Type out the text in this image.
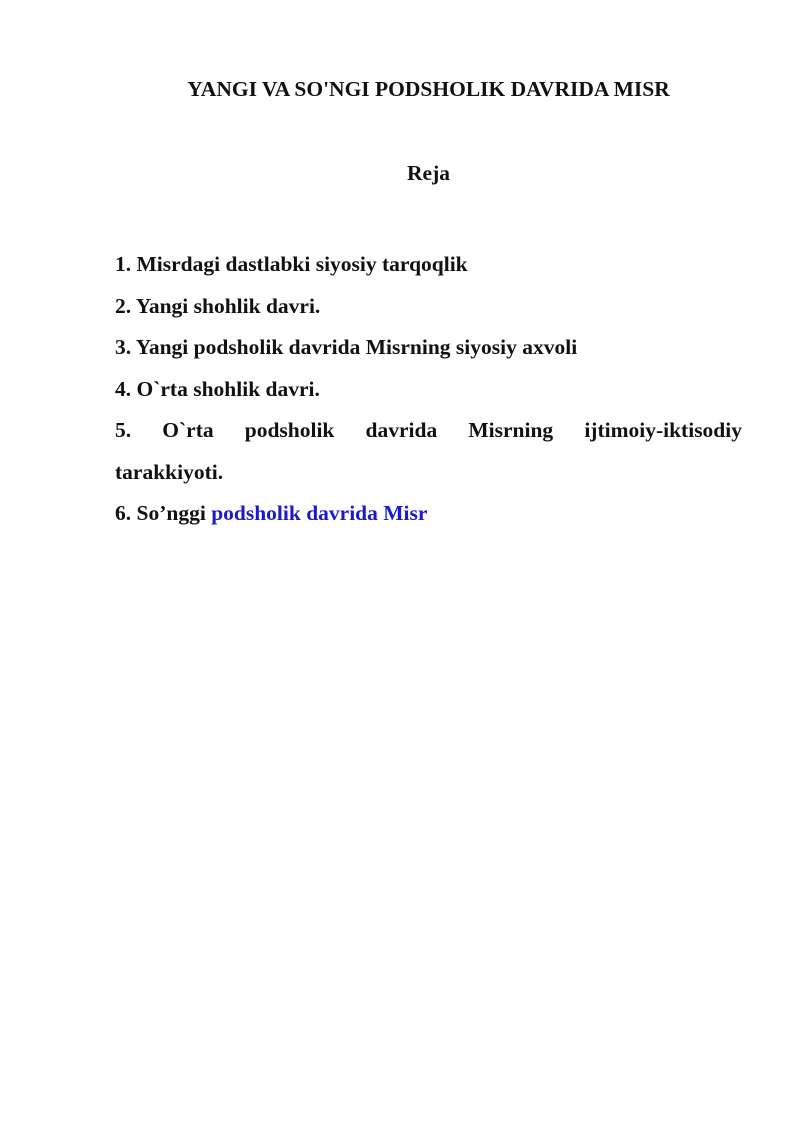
YANGI VA SO'NGI PODSHOLIK DAVRIDA MISR
Reja
1. Misrdagi dastlabki siyosiy tarqoqlik
2. Yangi shohlik davri.
3. Yangi podsholik davrida Misrning siyosiy axvoli
4. O`rta shohlik davri.
5. O`rta podsholik davrida Misrning ijtimoiy-iktisodiy
tarakkiyoti.
6. So’nggi podsholik davrida Misr
